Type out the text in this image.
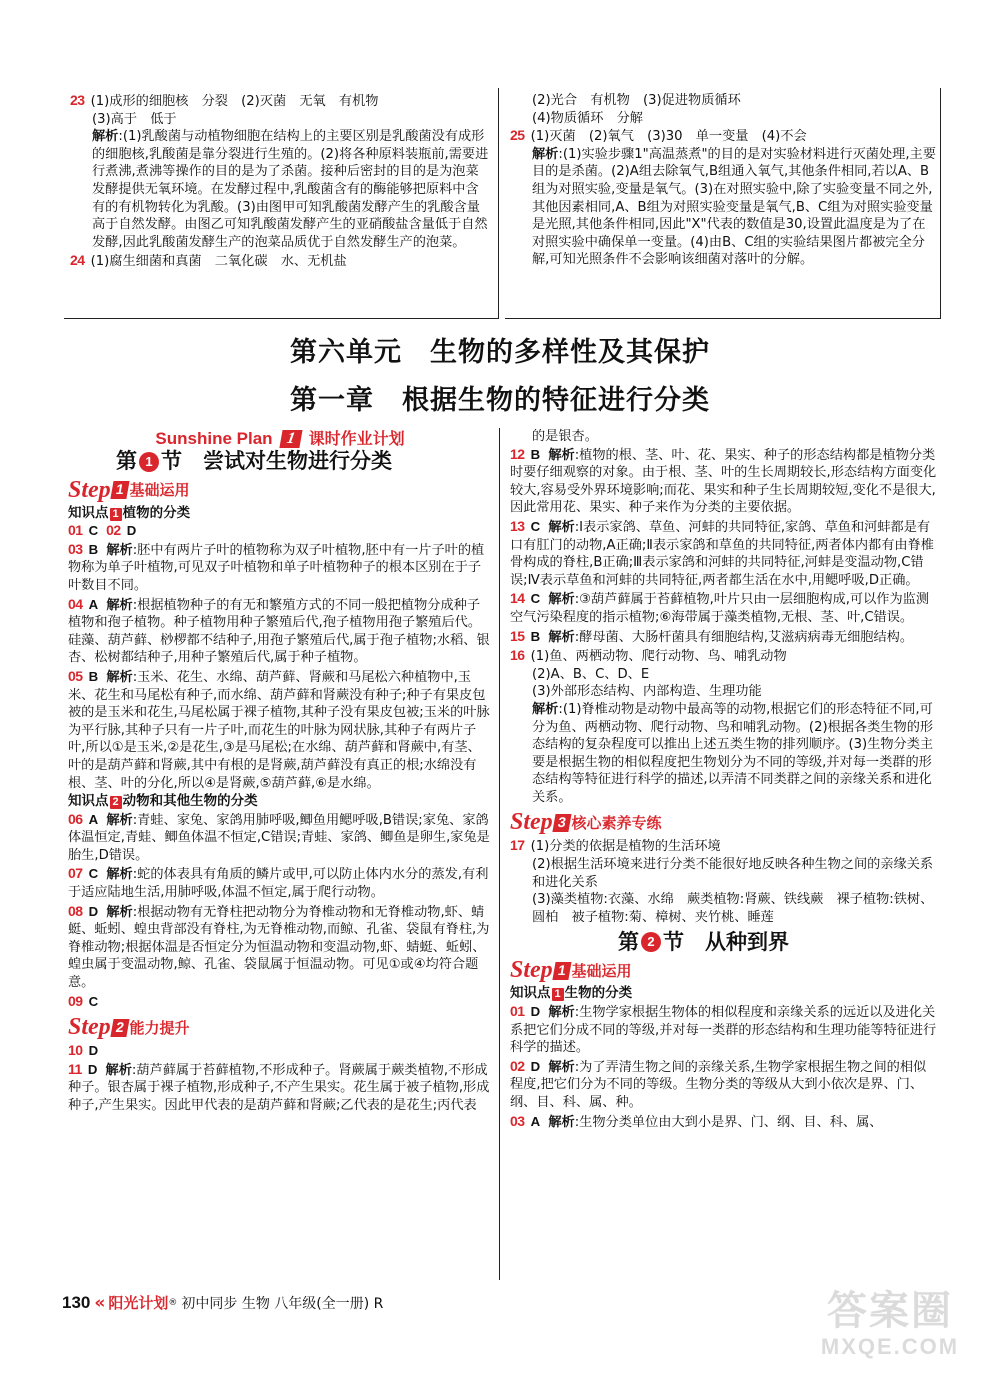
23 (1)成形的细胞核　分裂　(2)灭菌　无氧　有机物

(3)高于　低于

解析:(1)乳酸菌与动植物细胞在结构上的主要区别是乳酸菌没有成形的细胞核,乳酸菌是靠分裂进行生殖的。(2)将各种原料装瓶前,需要进行煮沸,煮沸等操作的目的是为了杀菌。接种后密封的目的是为泡菜发酵提供无氧环境。在发酵过程中,乳酸菌含有的酶能够把原料中含有的有机物转化为乳酸。(3)由图甲可知乳酸菌发酵产生的乳酸含量高于自然发酵。由图乙可知乳酸菌发酵产生的亚硝酸盐含量低于自然发酵,因此乳酸菌发酵生产的泡菜品质优于自然发酵生产的泡菜。

24 (1)腐生细菌和真菌　二氧化碳　水、无机盐

(2)光合　有机物　(3)促进物质循环

(4)物质循环　分解

25 (1)灭菌　(2)氧气　(3)30　单一变量　(4)不会

解析:(1)实验步骤1"高温蒸煮"的目的是对实验材料进行灭菌处理,主要目的是杀菌。(2)A组去除氧气,B组通入氧气,其他条件相同,若以A、B组为对照实验,变量是氧气。(3)在对照实验中,除了实验变量不同之外,其他因素相同,A、B组为对照实验变量是氧气,B、C组为对照实验变量是光照,其他条件相同,因此"X"代表的数值是30,设置此温度是为了在对照实验中确保单一变量。(4)由B、C组的实验结果图片都被完全分解,可知光照条件不会影响该细菌对落叶的分解。

第六单元　生物的多样性及其保护
第一章　根据生物的特征进行分类
Sunshine Plan 1 课时作业计划
第 1 节　尝试对生物进行分类
Step 1 基础运用

知识点 1 植物的分类

01 C 02 D

03 B 解析:胚中有两片子叶的植物称为双子叶植物,胚中有一片子叶的植物称为单子叶植物,可见双子叶植物和单子叶植物种子的根本区别在于子叶数目不同。

04 A 解析:根据植物种子的有无和繁殖方式的不同一般把植物分成种子植物和孢子植物。种子植物用种子繁殖后代,孢子植物用孢子繁殖后代。硅藻、葫芦藓、桫椤都不结种子,用孢子繁殖后代,属于孢子植物;水稻、银杏、松树都结种子,用种子繁殖后代,属于种子植物。

05 B 解析:玉米、花生、水绵、葫芦藓、肾蕨和马尾松六种植物中,玉米、花生和马尾松有种子,而水绵、葫芦藓和肾蕨没有种子;种子有果皮包被的是玉米和花生,马尾松属于裸子植物,其种子没有果皮包被;玉米的叶脉为平行脉,其种子只有一片子叶,而花生的叶脉为网状脉,其种子有两片子叶,所以①是玉米,②是花生,③是马尾松;在水绵、葫芦藓和肾蕨中,有茎、叶的是葫芦藓和肾蕨,其中有根的是肾蕨,葫芦藓没有真正的根;水绵没有根、茎、叶的分化,所以④是肾蕨,⑤葫芦藓,⑥是水绵。

知识点 2 动物和其他生物的分类

06 A 解析:青蛙、家兔、家鸽用肺呼吸,鲫鱼用鳃呼吸,B错误;家兔、家鸽体温恒定,青蛙、鲫鱼体温不恒定,C错误;青蛙、家鸽、鲫鱼是卵生,家兔是胎生,D错误。

07 C 解析:蛇的体表具有角质的鳞片或甲,可以防止体内水分的蒸发,有利于适应陆地生活,用肺呼吸,体温不恒定,属于爬行动物。

08 D 解析:根据动物有无脊柱把动物分为脊椎动物和无脊椎动物,虾、蜻蜓、蚯蚓、蝗虫背部没有脊柱,为无脊椎动物,而鲸、孔雀、袋鼠有脊柱,为脊椎动物;根据体温是否恒定分为恒温动物和变温动物,虾、蜻蜓、蚯蚓、蝗虫属于变温动物,鲸、孔雀、袋鼠属于恒温动物。可见①或④均符合题意。

09 C

Step 2 能力提升

10 D

11 D 解析:葫芦藓属于苔藓植物,不形成种子。肾蕨属于蕨类植物,不形成种子。银杏属于裸子植物,形成种子,不产生果实。花生属于被子植物,形成种子,产生果实。因此甲代表的是葫芦藓和肾蕨;乙代表的是花生;丙代表

的是银杏。

12 B 解析:植物的根、茎、叶、花、果实、种子的形态结构都是植物分类时要仔细观察的对象。由于根、茎、叶的生长周期较长,形态结构方面变化较大,容易受外界环境影响;而花、果实和种子生长周期较短,变化不是很大,因此常用花、果实、种子来作为分类的主要依据。

13 C 解析:Ⅰ表示家鸽、草鱼、河蚌的共同特征,家鸽、草鱼和河蚌都是有口有肛门的动物,A正确;Ⅱ表示家鸽和草鱼的共同特征,两者体内都有由脊椎骨构成的脊柱,B正确;Ⅲ表示家鸽和河蚌的共同特征,河蚌是变温动物,C错误;Ⅳ表示草鱼和河蚌的共同特征,两者都生活在水中,用鳃呼吸,D正确。

14 C 解析:③葫芦藓属于苔藓植物,叶片只由一层细胞构成,可以作为监测空气污染程度的指示植物;⑥海带属于藻类植物,无根、茎、叶,C错误。

15 B 解析:酵母菌、大肠杆菌具有细胞结构,艾滋病病毒无细胞结构。

16 (1)鱼、两栖动物、爬行动物、鸟、哺乳动物

(2)A、B、C、D、E

(3)外部形态结构、内部构造、生理功能

解析:(1)脊椎动物是动物中最高等的动物,根据它们的形态特征不同,可分为鱼、两栖动物、爬行动物、鸟和哺乳动物。(2)根据各类生物的形态结构的复杂程度可以推出上述五类生物的排列顺序。(3)生物分类主要是根据生物的相似程度把生物划分为不同的等级,并对每一类群的形态结构等特征进行科学的描述,以弄清不同类群之间的亲缘关系和进化关系。

Step 3 核心素养专练

17 (1)分类的依据是植物的生活环境

(2)根据生活环境来进行分类不能很好地反映各种生物之间的亲缘关系和进化关系

(3)藻类植物:衣藻、水绵　蕨类植物:肾蕨、铁线蕨　裸子植物:铁树、圆柏　被子植物:菊、樟树、夹竹桃、睡莲

第 2 节　从种到界
Step 1 基础运用

知识点 1 生物的分类

01 D 解析:生物学家根据生物体的相似程度和亲缘关系的远近以及进化关系把它们分成不同的等级,并对每一类群的形态结构和生理功能等特征进行科学的描述。

02 D 解析:为了弄清生物之间的亲缘关系,生物学家根据生物之间的相似程度,把它们分为不同的等级。生物分类的等级从大到小依次是界、门、纲、目、科、属、种。

03 A 解析:生物分类单位由大到小是界、门、纲、目、科、属、

130 « 阳光计划 ® 初中同步 生物 八年级(全一册) R	答案圈
MXQE.COM
